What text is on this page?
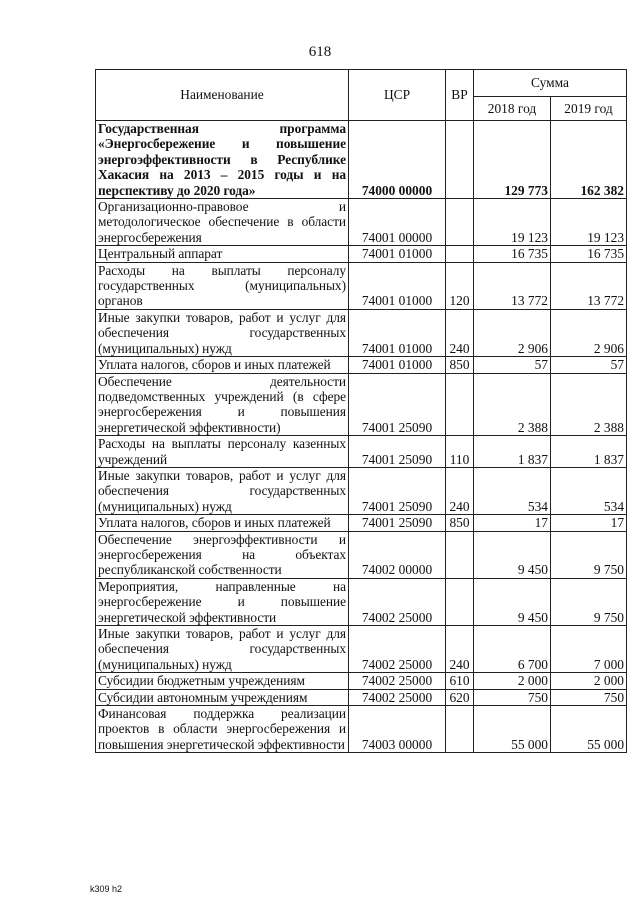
618
Наименование	ЦСР	ВР	Сумма	
			2018 год	2019 год
Государственная программа «Энергосбережение и повышение энергоэффективности в Республике Хакасия на 2013 – 2015 годы и на перспективу до 2020 года»	74000 00000		129 773	162 382
Организационно-правовое и методологическое обеспечение в области энергосбережения	74001 00000		19 123	19 123
Центральный аппарат	74001 01000		16 735	16 735
Расходы на выплаты персоналу государственных (муниципальных) органов	74001 01000	120	13 772	13 772
Иные закупки товаров, работ и услуг для обеспечения государственных (муниципальных) нужд	74001 01000	240	2 906	2 906
Уплата налогов, сборов и иных платежей	74001 01000	850	57	57
Обеспечение деятельности подведомственных учреждений (в сфере энергосбережения и повышения энергетической эффективности)	74001 25090		2 388	2 388
Расходы на выплаты персоналу казенных учреждений	74001 25090	110	1 837	1 837
Иные закупки товаров, работ и услуг для обеспечения государственных (муниципальных) нужд	74001 25090	240	534	534
Уплата налогов, сборов и иных платежей	74001 25090	850	17	17
Обеспечение энергоэффективности и энергосбережения на объектах республиканской собственности	74002 00000		9 450	9 750
Мероприятия, направленные на энергосбережение и повышение энергетической эффективности	74002 25000		9 450	9 750
Иные закупки товаров, работ и услуг для обеспечения государственных (муниципальных) нужд	74002 25000	240	6 700	7 000
Субсидии бюджетным учреждениям	74002 25000	610	2 000	2 000
Субсидии автономным учреждениям	74002 25000	620	750	750
Финансовая поддержка реализации проектов в области энергосбережения и повышения энергетической эффективности	74003 00000		55 000	55 000
k309 h2
